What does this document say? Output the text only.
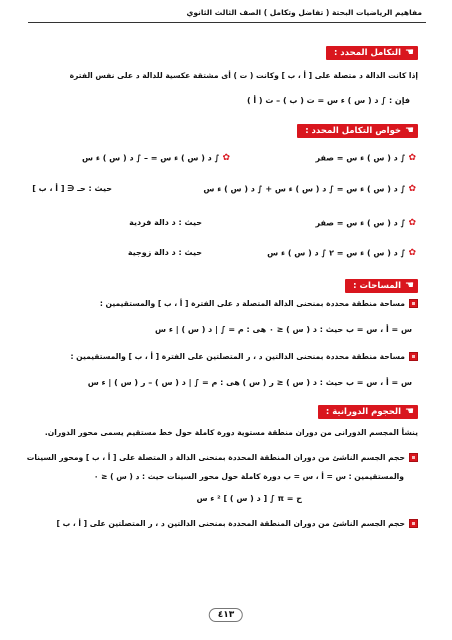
مفاهيم الرياضيات البحتة ( تفاضل وتكامل ) الصف الثالث الثانوي
☚
التكامل المحدد :
إذا كانت الدالة د متصلة على [ أ ، ب ] وكانت ( ت ) أى مشتقة عكسية للدالة د على نفس الفترة
فإن : ∫ د ( س ) ء س = ت ( ب ) – ت ( أ )
☚
خواص التكامل المحدد :
✿∫ د ( س ) ء س = صفر
✿∫ د ( س ) ء س = – ∫ د ( س ) ء س
✿∫ د ( س ) ء س = ∫ د ( س ) ء س + ∫ د ( س ) ء س
حيث : حـ ∈ [ أ ، ب ]
✿∫ د ( س ) ء س = صفر
حيث : د دالة فردية
✿∫ د ( س ) ء س = ٢ ∫ د ( س ) ء س
حيث : د دالة زوجية
☚
المساحات :
مساحة منطقة محددة بمنحنى الدالة المتصلة د على الفترة [ أ ، ب ] والمستقيمين :
س = أ ، س = ب حيث : د ( س ) ≤ ٠ هى : م = ∫ | د ( س ) | ء س
مساحة منطقة محددة بمنحنى الدالتين د ، ر المتصلتين على الفترة [ أ ، ب ] والمستقيمين :
س = أ ، س = ب حيث : د ( س ) ≤ ر ( س ) هى : م = ∫ | د ( س ) – ر ( س ) | ء س
☚
الحجوم الدورانية :
ينشأ المجسم الدورانى من دوران منطقة مستوية دورة كاملة حول خط مستقيم يسمى محور الدوران.
حجم الجسم الناشئ من دوران المنطقة المحددة بمنحنى الدالة د المتصلة على [ أ ، ب ] ومحور السينات
والمستقيمين : س = أ ، س = ب دورة كاملة حول محور السينات حيث : د ( س ) ≤ ٠
ح = π ∫ [ د ( س ) ] ² ء س
حجم الجسم الناشئ من دوران المنطقة المحددة بمنحنى الدالتين د ، ر المتصلتين على [ أ ، ب ]
٤١٣
